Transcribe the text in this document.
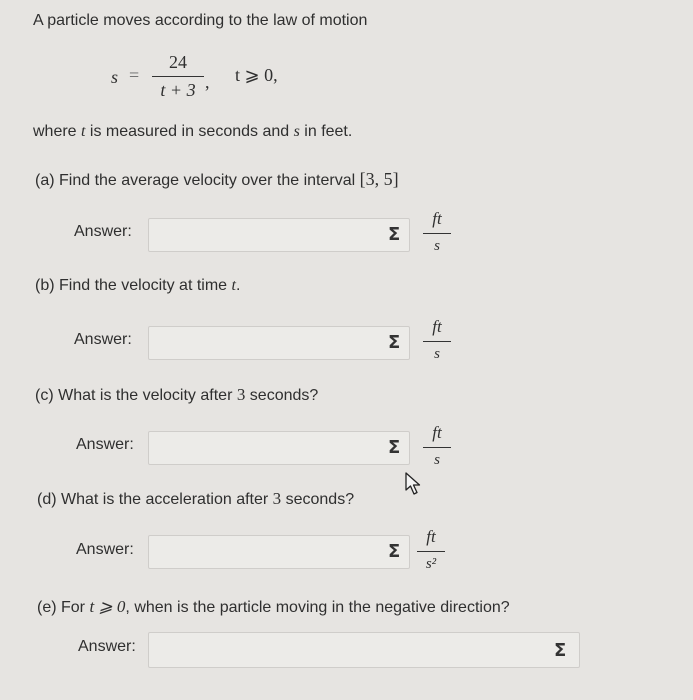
A particle moves according to the law of motion
s =
24
t + 3 , t ⩾ 0,
where t is measured in seconds and s in feet.
(a) Find the average velocity over the interval [3, 5]
Answer:	Σ
ft
s
(b) Find the velocity at time t.
Answer:	Σ
ft
s
(c) What is the velocity after 3 seconds?
Answer:	Σ
ft
s
(d) What is the acceleration after 3 seconds?
Answer:	Σ
ft
s²
(e) For t ⩾ 0, when is the particle moving in the negative direction?
Answer:	Σ
